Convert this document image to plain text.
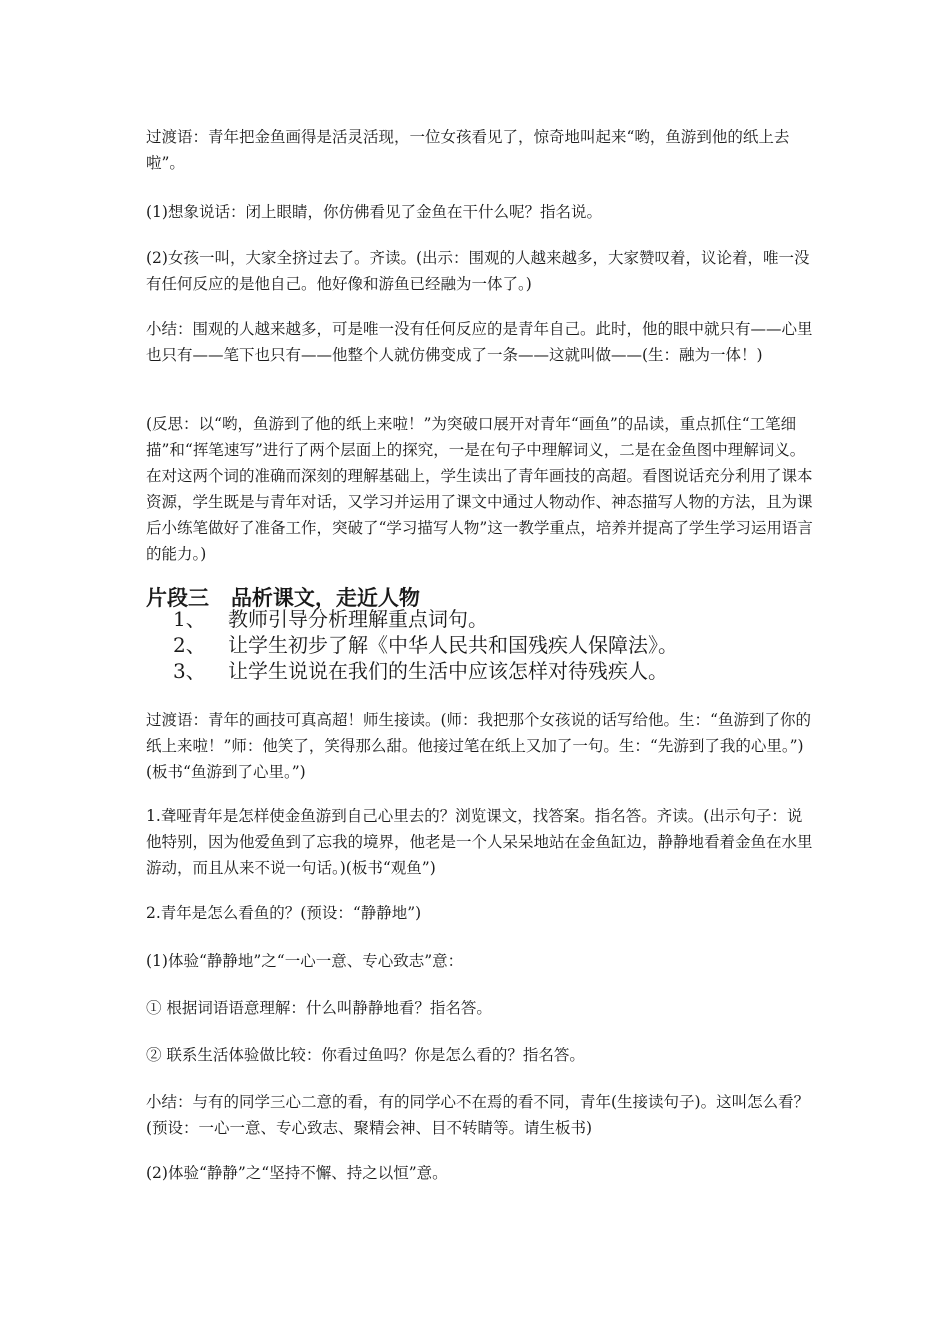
过渡语：青年把金鱼画得是活灵活现，一位女孩看见了，惊奇地叫起来“哟，鱼游到他的纸上去啦”。

(1)想象说话：闭上眼睛，你仿佛看见了金鱼在干什么呢？指名说。

(2)女孩一叫，大家全挤过去了。齐读。(出示：围观的人越来越多，大家赞叹着，议论着，唯一没有任何反应的是他自己。他好像和游鱼已经融为一体了。)

小结：围观的人越来越多，可是唯一没有任何反应的是青年自己。此时，他的眼中就只有——心里也只有——笔下也只有——他整个人就仿佛变成了一条——这就叫做——(生：融为一体！)

(反思：以“哟，鱼游到了他的纸上来啦！”为突破口展开对青年“画鱼”的品读，重点抓住“工笔细描”和“挥笔速写”进行了两个层面上的探究，一是在句子中理解词义，二是在金鱼图中理解词义。在对这两个词的准确而深刻的理解基础上，学生读出了青年画技的高超。看图说话充分利用了课本资源，学生既是与青年对话，又学习并运用了课文中通过人物动作、神态描写人物的方法，且为课后小练笔做好了准备工作，突破了“学习描写人物”这一教学重点，培养并提高了学生学习运用语言的能力。)

片段三 品析课文，走近人物
1、 教师引导分析理解重点词句。
2、 让学生初步了解《中华人民共和国残疾人保障法》。
3、 让学生说说在我们的生活中应该怎样对待残疾人。

过渡语：青年的画技可真高超！师生接读。(师：我把那个女孩说的话写给他。生：“鱼游到了你的纸上来啦！”师：他笑了，笑得那么甜。他接过笔在纸上又加了一句。生：“先游到了我的心里。”)(板书“鱼游到了心里。”)

1.聋哑青年是怎样使金鱼游到自己心里去的？浏览课文，找答案。指名答。齐读。(出示句子：说他特别，因为他爱鱼到了忘我的境界，他老是一个人呆呆地站在金鱼缸边，静静地看着金鱼在水里游动，而且从来不说一句话。)(板书“观鱼”)

2.青年是怎么看鱼的？(预设：“静静地”)

(1)体验“静静地”之“一心一意、专心致志”意：

① 根据词语语意理解：什么叫静静地看？指名答。

② 联系生活体验做比较：你看过鱼吗？你是怎么看的？指名答。

小结：与有的同学三心二意的看，有的同学心不在焉的看不同，青年(生接读句子)。这叫怎么看？(预设：一心一意、专心致志、聚精会神、目不转睛等。请生板书)

(2)体验“静静”之“坚持不懈、持之以恒”意。
